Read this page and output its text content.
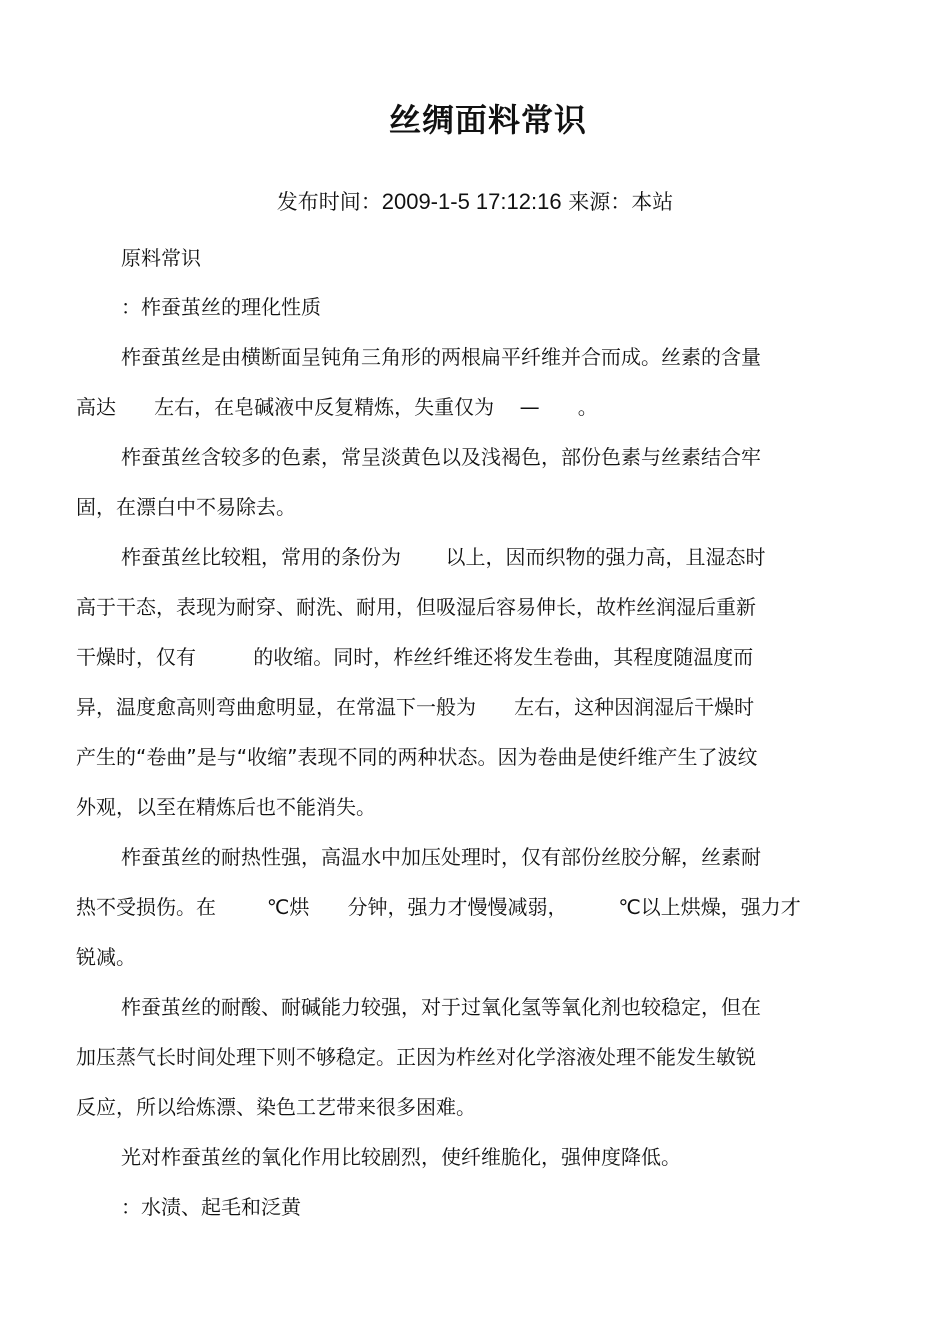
丝绸面料常识
发布时间：2009-1-5 17:12:16 来源：本站
原料常识
：柞蚕茧丝的理化性质
柞蚕茧丝是由横断面呈钝角三角形的两根扁平纤维并合而成。丝素的含量
高达      左右，在皂碱液中反复精炼，失重仅为    —      。
柞蚕茧丝含较多的色素，常呈淡黄色以及浅褐色，部份色素与丝素结合牢
固，在漂白中不易除去。
柞蚕茧丝比较粗，常用的条份为       以上，因而织物的强力高，且湿态时
高于干态，表现为耐穿、耐洗、耐用，但吸湿后容易伸长，故柞丝润湿后重新
干燥时，仅有         的收缩。同时，柞丝纤维还将发生卷曲，其程度随温度而
异，温度愈高则弯曲愈明显，在常温下一般为      左右，这种因润湿后干燥时
产生的“卷曲”是与“收缩”表现不同的两种状态。因为卷曲是使纤维产生了波纹
外观，以至在精炼后也不能消失。
柞蚕茧丝的耐热性强，高温水中加压处理时，仅有部份丝胶分解，丝素耐
热不受损伤。在        ℃烘      分钟，强力才慢慢减弱，        ℃以上烘燥，强力才
锐减。
柞蚕茧丝的耐酸、耐碱能力较强，对于过氧化氢等氧化剂也较稳定，但在
加压蒸气长时间处理下则不够稳定。正因为柞丝对化学溶液处理不能发生敏锐
反应，所以给炼漂、染色工艺带来很多困难。
光对柞蚕茧丝的氧化作用比较剧烈，使纤维脆化，强伸度降低。
：水渍、起毛和泛黄
